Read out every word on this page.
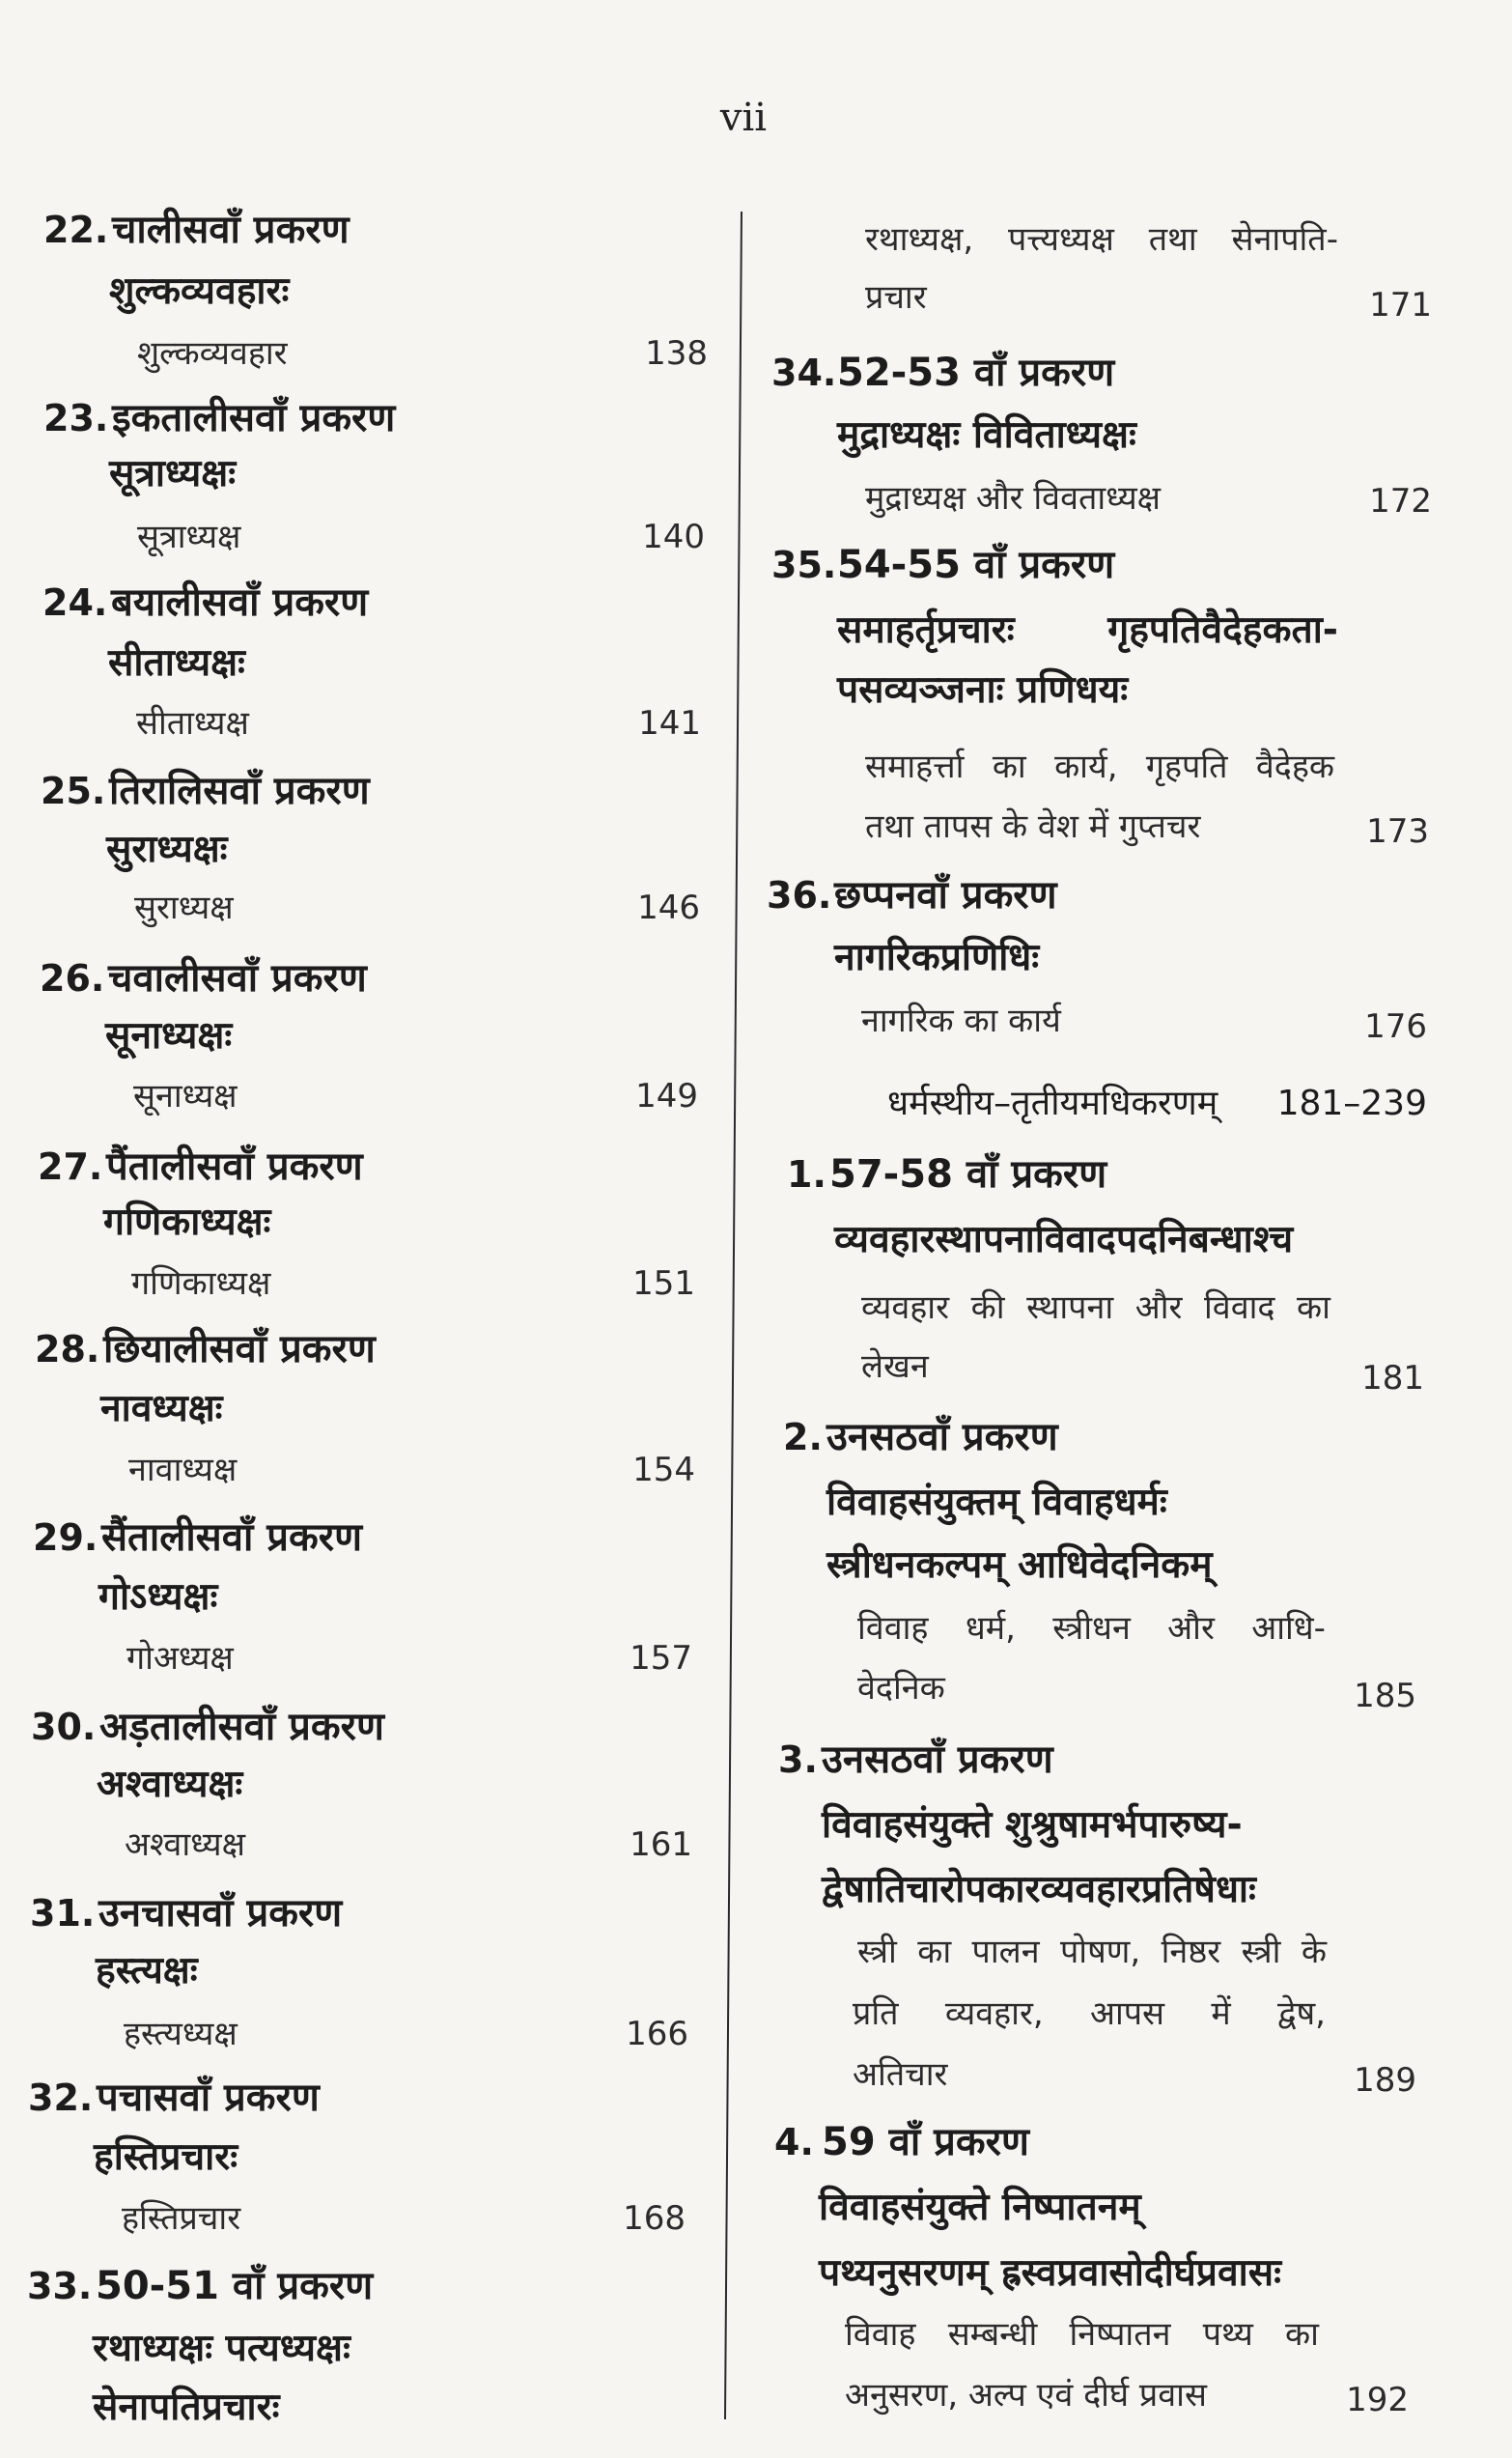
vii
22. चालीसवाँ प्रकरण
शुल्कव्यवहारः
शुल्कव्यवहार	138
23. इकतालीसवाँ प्रकरण
सूत्राध्यक्षः
सूत्राध्यक्ष	140
24. बयालीसवाँ प्रकरण
सीताध्यक्षः
सीताध्यक्ष	141
25. तिरालिसवाँ प्रकरण
सुराध्यक्षः
सुराध्यक्ष	146
26. चवालीसवाँ प्रकरण
सूनाध्यक्षः
सूनाध्यक्ष	149
27. पैंतालीसवाँ प्रकरण
गणिकाध्यक्षः
गणिकाध्यक्ष	151
28. छियालीसवाँ प्रकरण
नावध्यक्षः
नावाध्यक्ष	154
29. सैंतालीसवाँ प्रकरण
गोऽध्यक्षः
गोअध्यक्ष	157
30. अड़तालीसवाँ प्रकरण
अश्वाध्यक्षः
अश्वाध्यक्ष	161
31. उनचासवाँ प्रकरण
हस्त्यक्षः
हस्त्यध्यक्ष	166
32. पचासवाँ प्रकरण
हस्तिप्रचारः
हस्तिप्रचार	168
33. 50-51 वाँ प्रकरण
रथाध्यक्षः पत्यध्यक्षः
सेनापतिप्रचारः
रथाध्यक्ष, पत्त्यध्यक्ष तथा सेनापति-
प्रचार	171
34. 52-53 वाँ प्रकरण
मुद्राध्यक्षः विविताध्यक्षः
मुद्राध्यक्ष और विवताध्यक्ष	172
35. 54-55 वाँ प्रकरण
समाहर्तृप्रचारः गृहपतिवैदेहकता-
पसव्यञ्जनाः प्रणिधयः
समाहर्त्ता का कार्य, गृहपति वैदेहक
तथा तापस के वेश में गुप्तचर	173
36. छप्पनवाँ प्रकरण
नागरिकप्रणिधिः
नागरिक का कार्य	176
धर्मस्थीय–तृतीयमधिकरणम् 181–239
1. 57-58 वाँ प्रकरण
व्यवहारस्थापनाविवादपदनिबन्धाश्च
व्यवहार की स्थापना और विवाद का
लेखन	181
2. उनसठवाँ प्रकरण
विवाहसंयुक्तम् विवाहधर्मः
स्त्रीधनकल्पम् आधिवेदनिकम्
विवाह धर्म, स्त्रीधन और आधि-
वेदनिक	185
3. उनसठवाँ प्रकरण
विवाहसंयुक्ते शुश्रुषामर्भपारुष्य-
द्वेषातिचारोपकारव्यवहारप्रतिषेधाः
स्त्री का पालन पोषण, निष्ठर स्त्री के
प्रति व्यवहार, आपस में द्वेष,
अतिचार	189
4. 59 वाँ प्रकरण
विवाहसंयुक्ते निष्पातनम्
पथ्यनुसरणम् ह्रस्वप्रवासोदीर्घप्रवासः
विवाह सम्बन्धी निष्पातन पथ्य का
अनुसरण, अल्प एवं दीर्घ प्रवास	192
